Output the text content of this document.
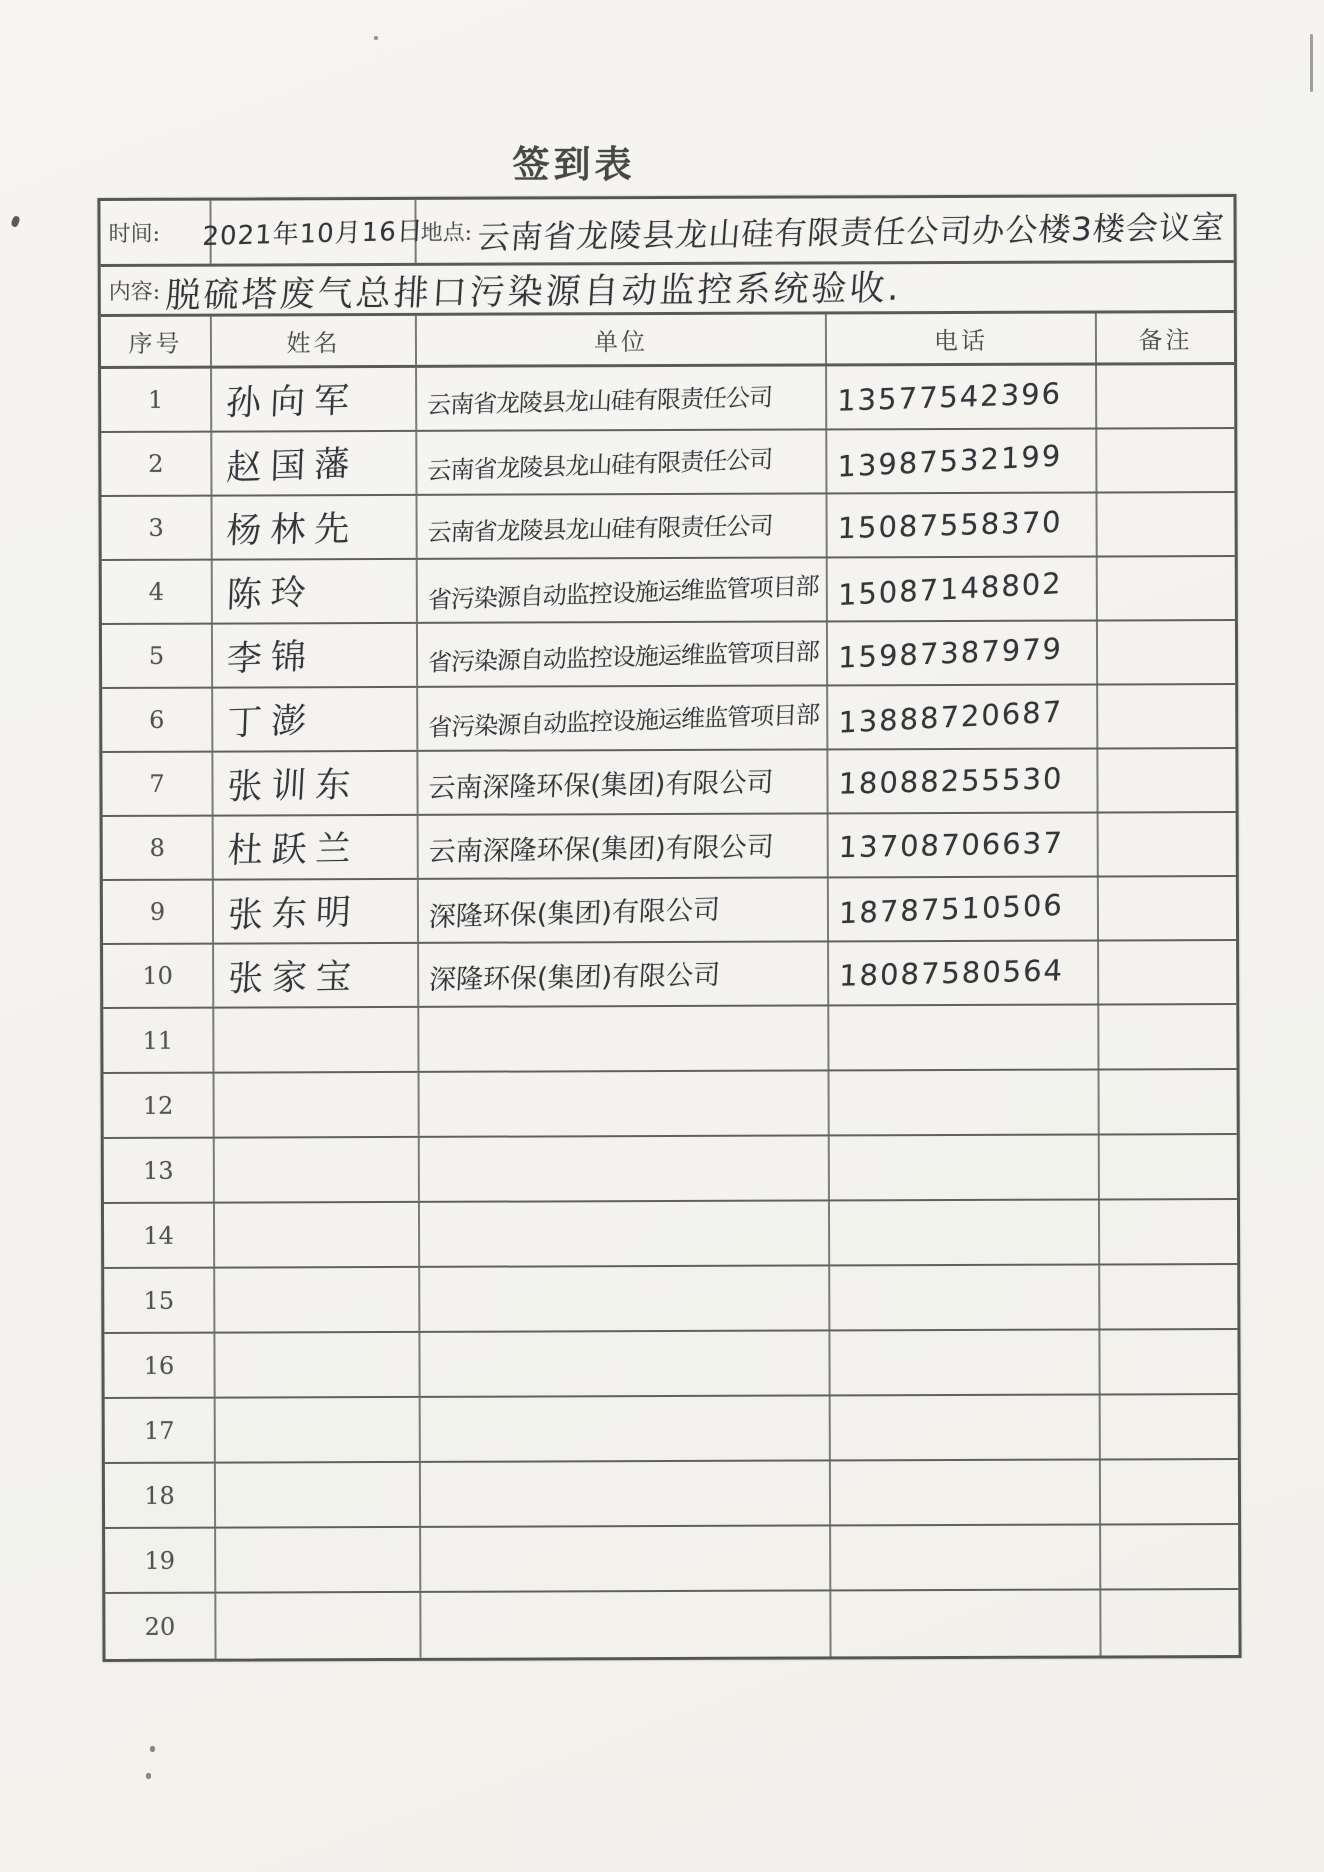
签到表
时间: 2021年10月16日
地点: 云南省龙陵县龙山硅有限责任公司办公楼3楼会议室
内容: 脱硫塔废气总排口污染源自动监控系统验收.
序号	姓名	单位	电话	备注
1 孙向军	云南省龙陵县龙山硅有限责任公司 13577542396
2 赵国藩	云南省龙陵县龙山硅有限责任公司 13987532199
3 杨林先	云南省龙陵县龙山硅有限责任公司 15087558370
4 陈玲	省污染源自动监控设施运维监管项目部 15087148802
5 李锦	省污染源自动监控设施运维监管项目部 15987387979
6 丁澎	省污染源自动监控设施运维监管项目部 13888720687
7 张训东 云南深隆环保(集团)有限公司 18088255530
8 杜跃兰 云南深隆环保(集团)有限公司 13708706637
9 张东明 深隆环保(集团)有限公司	18787510506
10 张家宝 深隆环保(集团)有限公司	18087580564
11
12
13
14
15
16
17
18
19
20
